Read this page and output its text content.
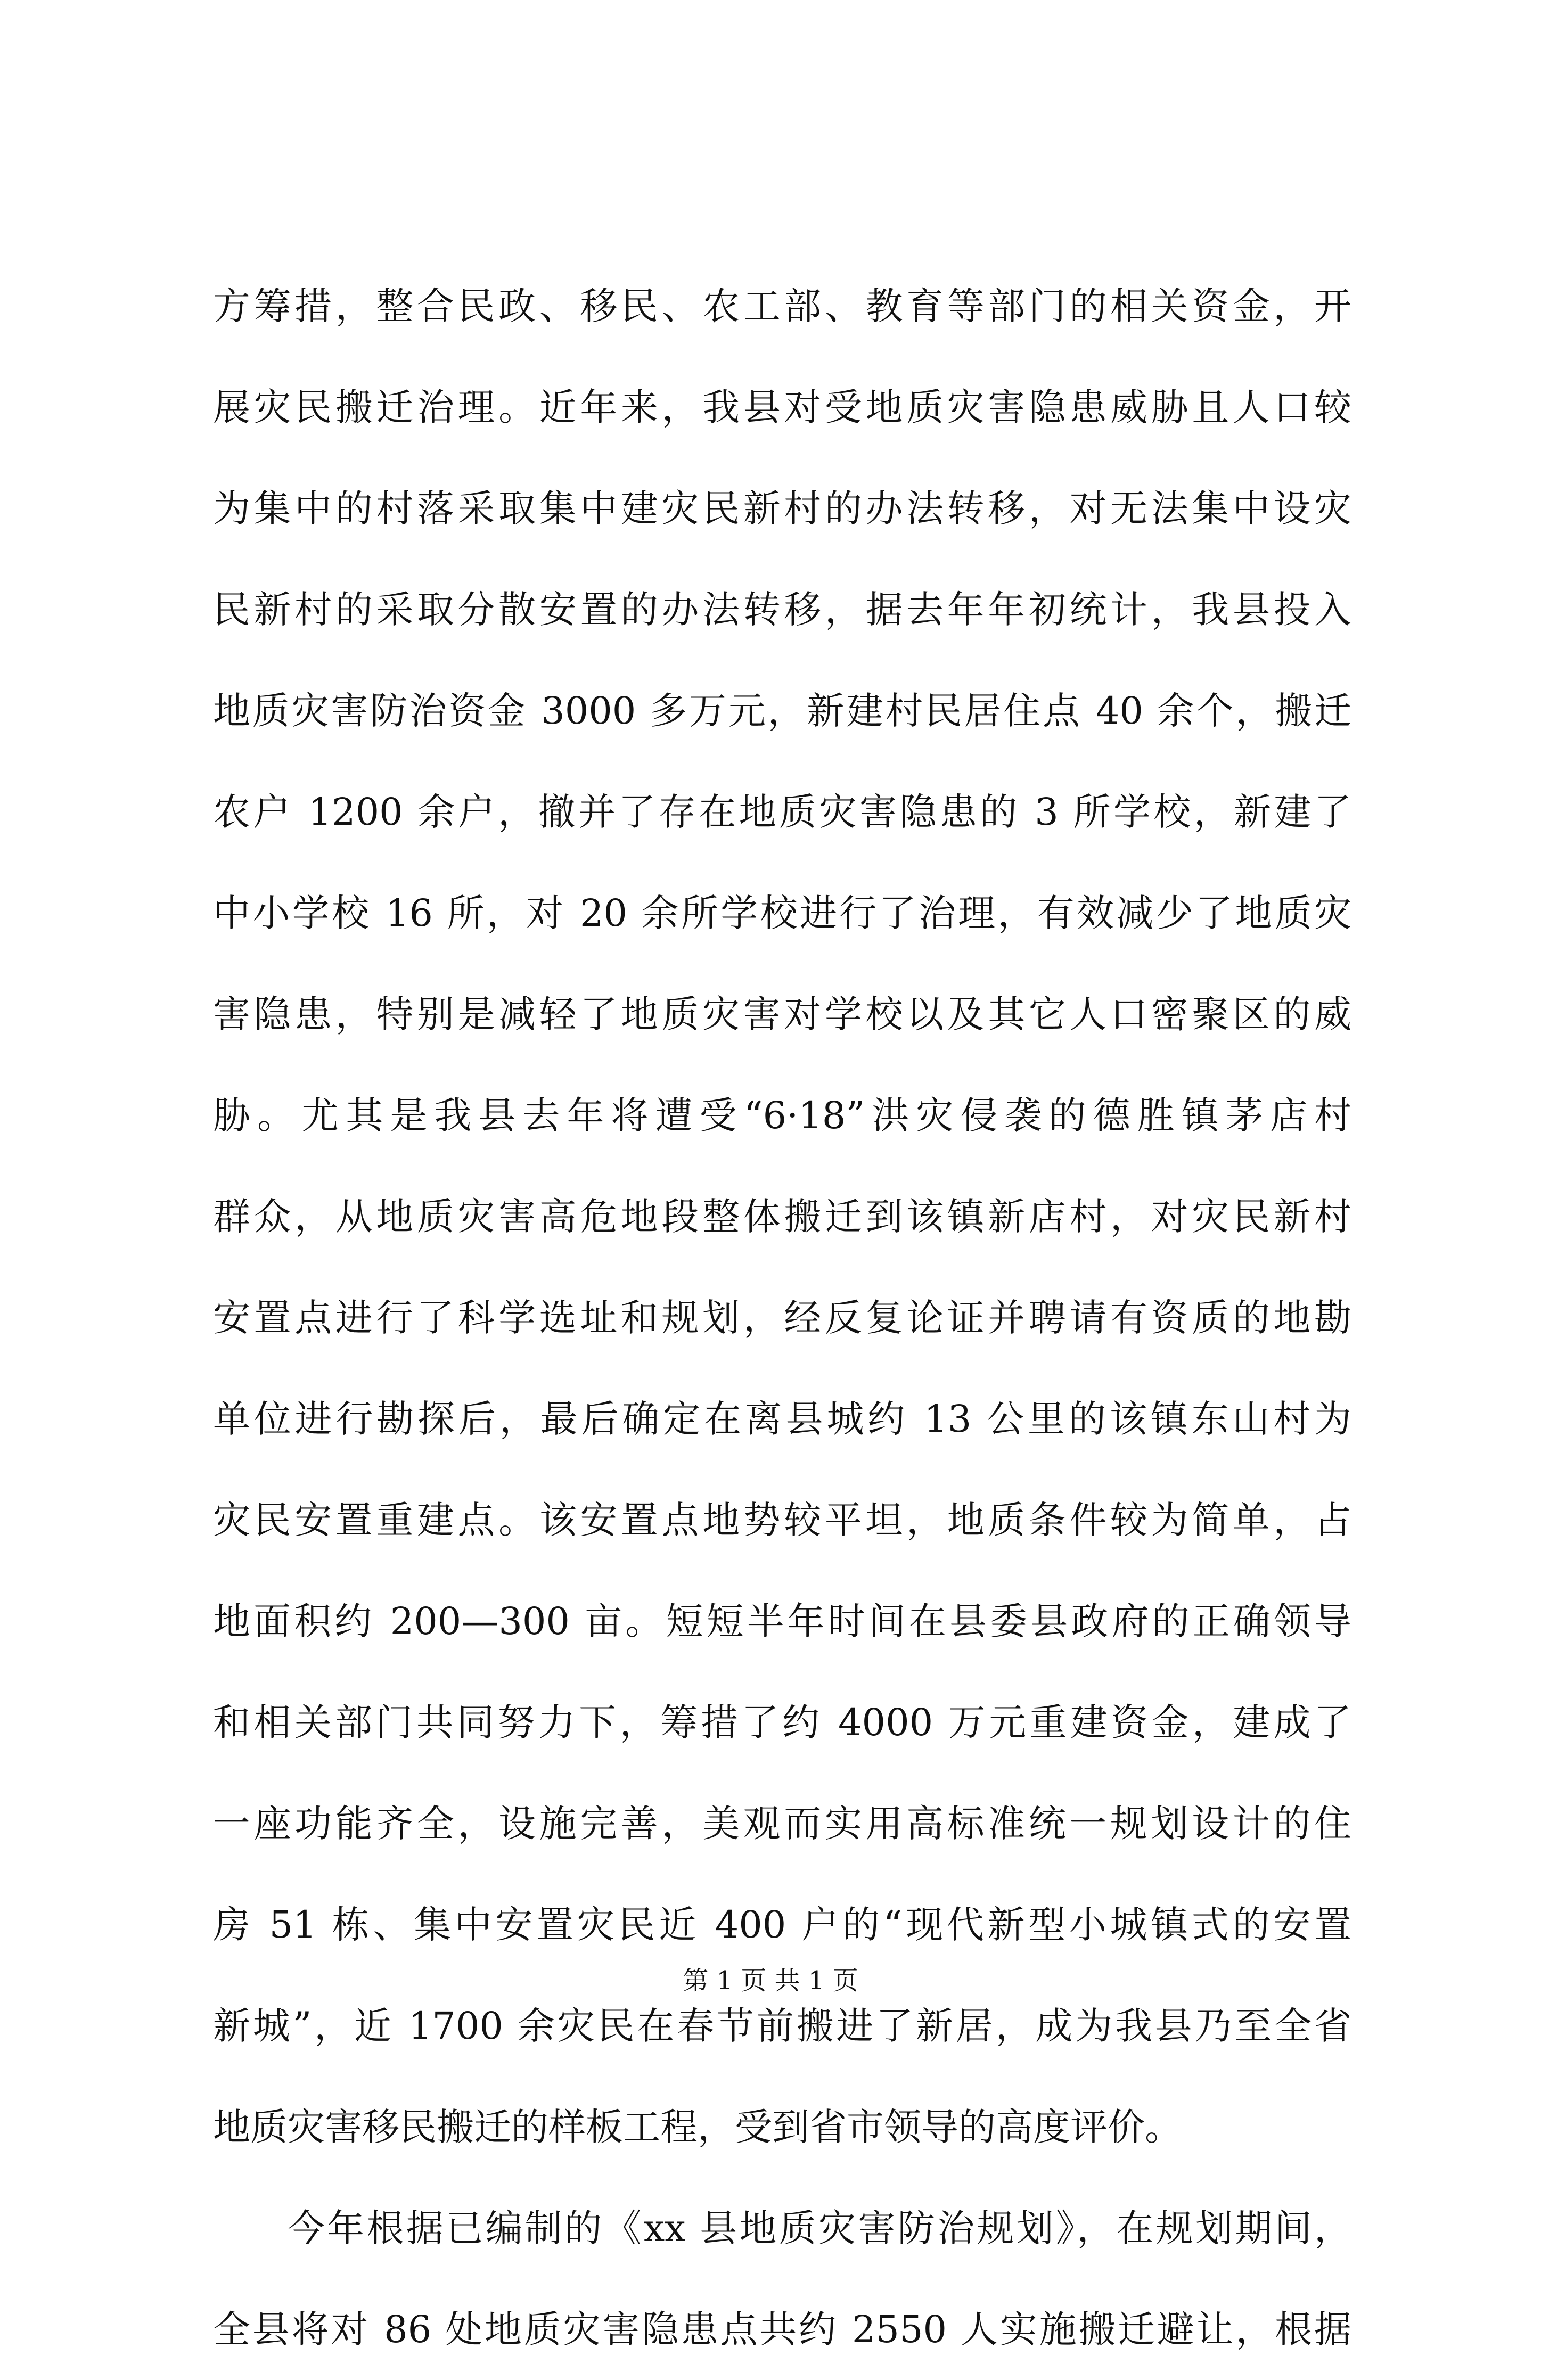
方筹措，整合民政、移民、农工部、教育等部门的相关资金，开
展灾民搬迁治理。近年来，我县对受地质灾害隐患威胁且人口较
为集中的村落采取集中建灾民新村的办法转移，对无法集中设灾
民新村的采取分散安置的办法转移，据去年年初统计，我县投入
地质灾害防治资金 3000 多万元，新建村民居住点 40 余个，搬迁
农户 1200 余户，撤并了存在地质灾害隐患的 3 所学校，新建了
中小学校 16 所，对 20 余所学校进行了治理，有效减少了地质灾
害隐患，特别是减轻了地质灾害对学校以及其它人口密聚区的威
胁。尤其是我县去年将遭受“6·18”洪灾侵袭的德胜镇茅店村
群众，从地质灾害高危地段整体搬迁到该镇新店村，对灾民新村
安置点进行了科学选址和规划，经反复论证并聘请有资质的地勘
单位进行勘探后，最后确定在离县城约 13 公里的该镇东山村为
灾民安置重建点。该安置点地势较平坦，地质条件较为简单，占
地面积约 200—300 亩。短短半年时间在县委县政府的正确领导
和相关部门共同努力下，筹措了约 4000 万元重建资金，建成了
一座功能齐全，设施完善，美观而实用高标准统一规划设计的住
房 51 栋、集中安置灾民近 400 户的“现代新型小城镇式的安置
新城”，近 1700 余灾民在春节前搬进了新居，成为我县乃至全省
地质灾害移民搬迁的样板工程，受到省市领导的高度评价。
今年根据已编制的《xx 县地质灾害防治规划》，在规划期间，
全县将对 86 处地质灾害隐患点共约 2550 人实施搬迁避让，根据
第 1 页 共 1 页
